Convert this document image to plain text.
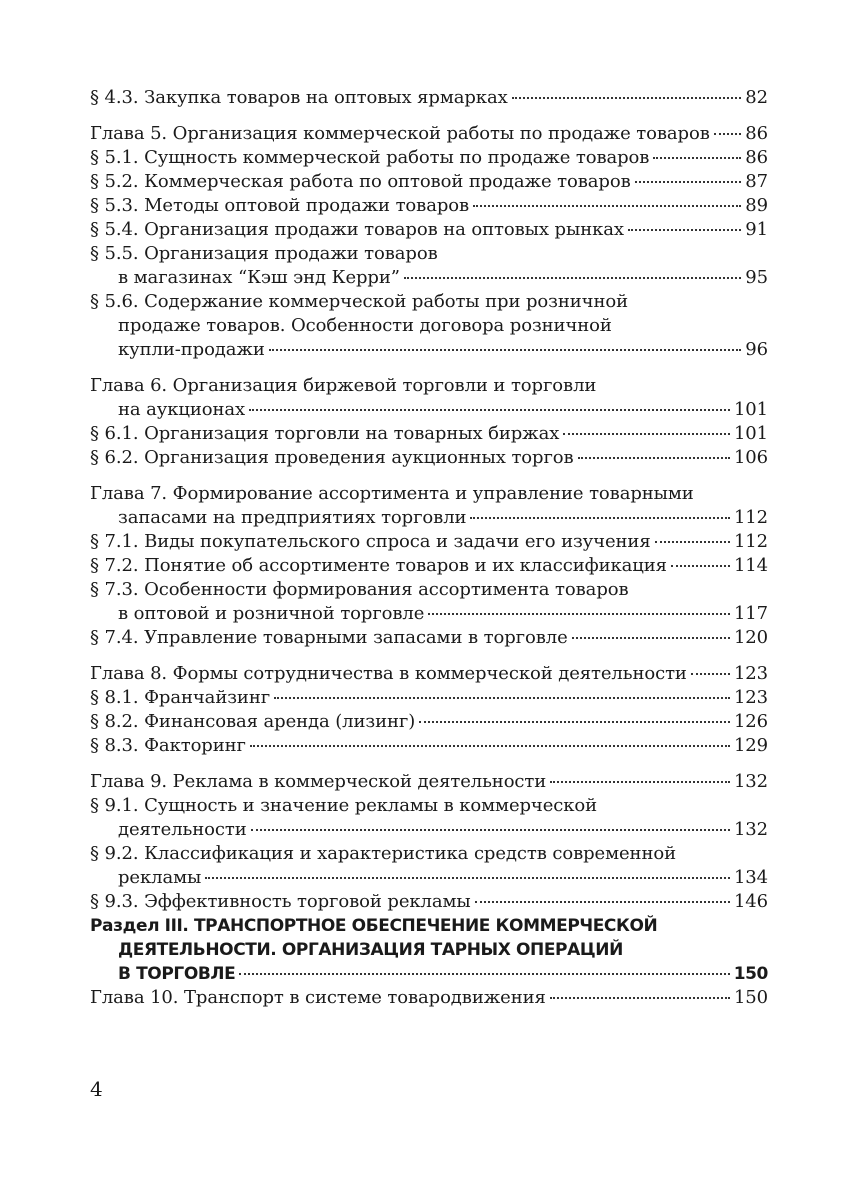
§ 4.3. Закупка товаров на оптовых ярмарках	82
Глава 5. Организация коммерческой работы по продаже товаров 86
§ 5.1. Сущность коммерческой работы по продаже товаров	86
§ 5.2. Коммерческая работа по оптовой продаже товаров	87
§ 5.3. Методы оптовой продажи товаров	89
§ 5.4. Организация продажи товаров на оптовых рынках	91
§ 5.5. Организация продажи товаров
в магазинах “Кэш энд Керри”	95
§ 5.6. Содержание коммерческой работы при розничной
продаже товаров. Особенности договора розничной
купли-продажи	96
Глава 6. Организация биржевой торговли и торговли
на аукционах	101
§ 6.1. Организация торговли на товарных биржах	101
§ 6.2. Организация проведения аукционных торгов	106
Глава 7. Формирование ассортимента и управление товарными
запасами на предприятиях торговли	112
§ 7.1. Виды покупательского спроса и задачи его изучения	112
§ 7.2. Понятие об ассортименте товаров и их классификация	114
§ 7.3. Особенности формирования ассортимента товаров
в оптовой и розничной торговле	117
§ 7.4. Управление товарными запасами в торговле	120
Глава 8. Формы сотрудничества в коммерческой деятельности	123
§ 8.1. Франчайзинг	123
§ 8.2. Финансовая аренда (лизинг)	126
§ 8.3. Факторинг	129
Глава 9. Реклама в коммерческой деятельности	132
§ 9.1. Сущность и значение рекламы в коммерческой
деятельности	132
§ 9.2. Классификация и характеристика средств современной
рекламы	134
§ 9.3. Эффективность торговой рекламы	146
Раздел III. ТРАНСПОРТНОЕ ОБЕСПЕЧЕНИЕ КОММЕРЧЕСКОЙ
ДЕЯТЕЛЬНОСТИ. ОРГАНИЗАЦИЯ ТАРНЫХ ОПЕРАЦИЙ
В ТОРГОВЛЕ	150
Глава 10. Транспорт в системе товародвижения	150
4
